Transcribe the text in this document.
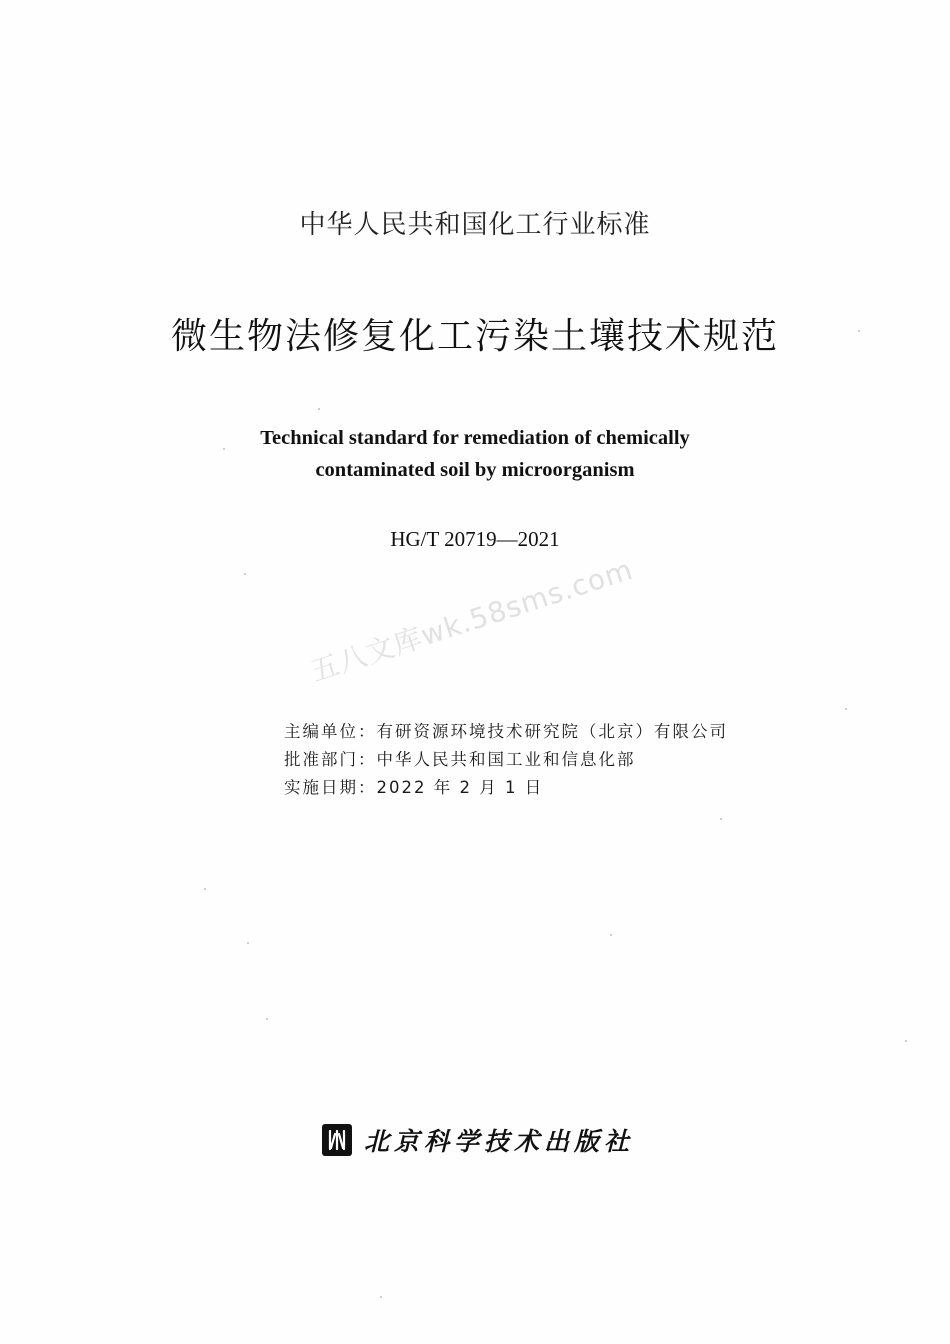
中华人民共和国化工行业标准
微生物法修复化工污染土壤技术规范
Technical standard for remediation of chemically
contaminated soil by microorganism
HG/T 20719—2021
五八文库wk.58sms.com
主编单位：有研资源环境技术研究院（北京）有限公司
批准部门：中华人民共和国工业和信息化部
实施日期：2022 年 2 月 1 日
北京科学技术出版社
